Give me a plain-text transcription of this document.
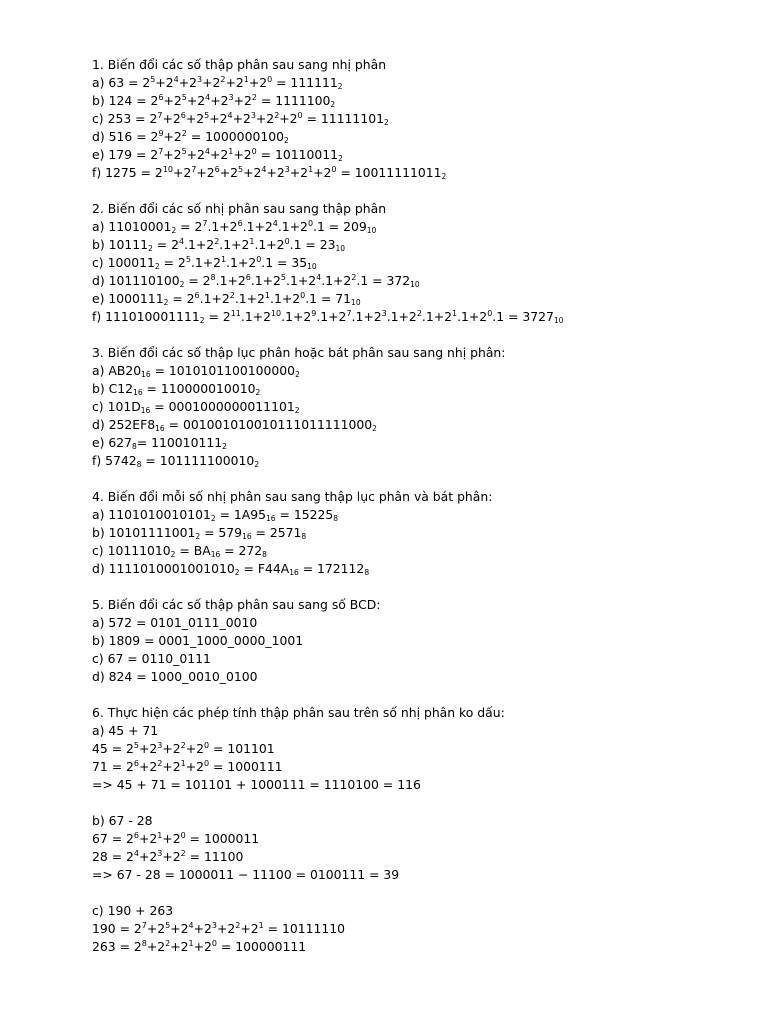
1. Biến đổi các số thập phân sau sang nhị phân
a) $63 = 2^5+2^4+2^3+2^2+2^1+2^0 = 111111_2$
b) $124 = 2^6+2^5+2^4+2^3+2^2 = 1111100_2$
c) $253 = 2^7+2^6+2^5+2^4+2^3+2^2+2^0 = 11111101_2$
d) $516 = 2^9+2^2 = 1000000100_2$
e) $179 = 2^7+2^5+2^4+2^1+2^0 = 10110011_2$
f) $1275 = 2^{10}+2^7+2^6+2^5+2^4+2^3+2^1+2^0 = 10011111011_2$
2. Biến đổi các số nhị phân sau sang thập phân
a) $11010001_2 = 2^7.1+2^6.1+2^4.1+2^0.1 = 209_{10}$
b) $10111_2 = 2^4.1+2^2.1+2^1.1+2^0.1 = 23_{10}$
c) $100011_2 = 2^5.1+2^1.1+2^0.1 = 35_{10}$
d) $101110100_2 = 2^8.1+2^6.1+2^5.1+2^4.1+2^2.1 = 372_{10}$
e) $1000111_2 = 2^6.1+2^2.1+2^1.1+2^0.1 = 71_{10}$
f) $111010001111_2 = 2^{11}.1+2^{10}.1+2^9.1+2^7.1+2^3.1+2^2.1+2^1.1+2^0.1 = 3727_{10}$
3. Biến đổi các số thập lục phân hoặc bát phân sau sang nhị phân:
a) $AB20_{16} = 1010101100100000_2$
b) $C12_{16} = 110000010010_2$
c) $101D_{16} = 0001000000011101_2$
d) $252EF8_{16} = 001001010010111011111000_2$
e) $627_8= 110010111_2$
f) $5742_8 = 101111100010_2$
4. Biến đổi mỗi số nhị phân sau sang thập lục phân và bát phân:
a) $1101010010101_2 = 1A95_{16} = 15225_8$
b) $10101111001_2 = 579_{16} = 2571_8$
c) $10111010_2 = BA_{16} = 272_8$
d) $1111010001001010_2 = F44A_{16} = 172112_8$
5. Biến đổi các số thập phân sau sang số BCD:
a) 572 = 0101_0111_0010
b) 1809 = 0001_1000_0000_1001
c) 67 = 0110_0111
d) 824 = 1000_0010_0100
6. Thực hiện các phép tính thập phân sau trên số nhị phân ko dấu:
a) 45 + 71
$45 = 2^5+2^3+2^2+2^0 = 101101$
$71 = 2^6+2^2+2^1+2^0 = 1000111$
=> 45 + 71 = 101101 + 1000111 = 1110100 = 116
b) 67 - 28
$67 = 2^6+2^1+2^0 = 1000011$
$28 = 2^4+2^3+2^2 = 11100$
=> 67 - 28 = 1000011 − 11100 = 0100111 = 39
c) 190 + 263
$190 = 2^7+2^5+2^4+2^3+2^2+2^1 = 10111110$
$263 = 2^8+2^2+2^1+2^0 = 100000111$
